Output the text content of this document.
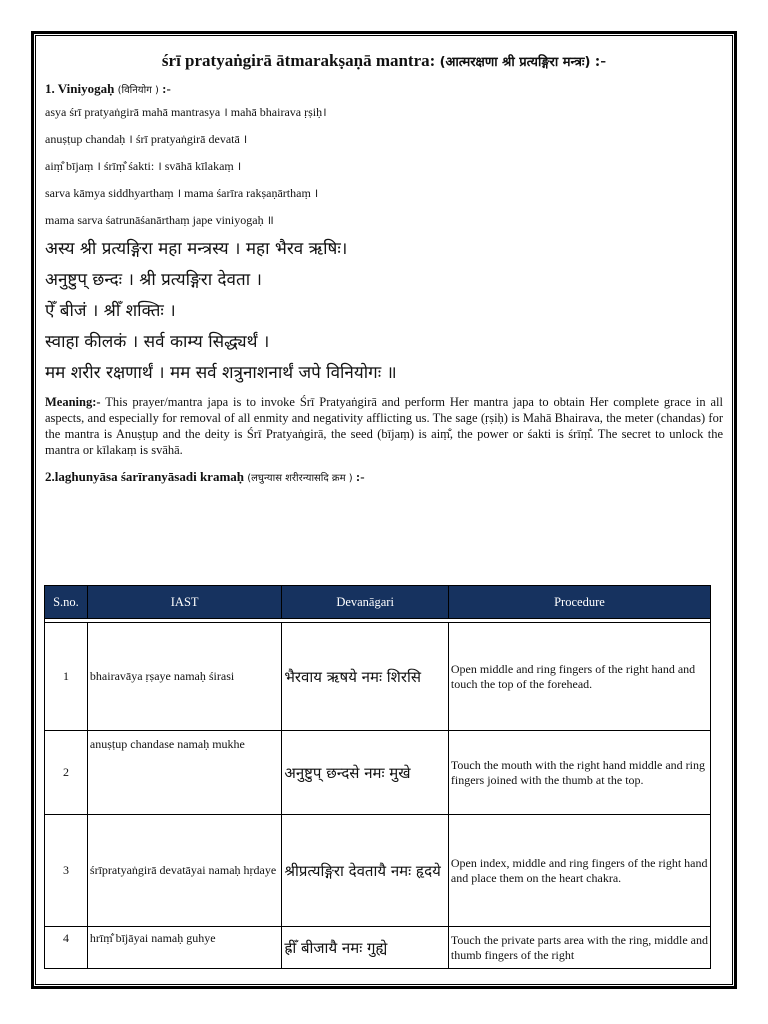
śrī pratyaṅgirā ātmarakṣaṇā mantra: (आत्मरक्षणा श्री प्रत्यङ्गिरा मन्त्रः) :-
1. Viniyogaḥ (विनियोग ) :-
asya śrī pratyaṅgirā mahā mantrasya । mahā bhairava ṛṣiḥ।
anuṣṭup chandaḥ । śrī pratyaṅgirā devatā ।
aiṃ̐ bījaṃ । śrīṃ̐ śakti: । svāhā kīlakaṃ ।
sarva kāmya siddhyarthaṃ । mama śarīra rakṣaṇārthaṃ ।
mama sarva śatrunāśanārthaṃ jape viniyogaḥ ॥
अस्य श्री प्रत्यङ्गिरा महा मन्त्रस्य । महा भैरव ऋषिः।
अनुष्टुप् छन्दः । श्री प्रत्यङ्गिरा देवता ।
ऐँ बीजं । श्रीँ शक्तिः ।
स्वाहा कीलकं । सर्व काम्य सिद्ध्यर्थं ।
मम शरीर रक्षणार्थं । मम सर्व शत्रुनाशनार्थं जपे विनियोगः ॥
Meaning:- This prayer/mantra japa is to invoke Śrī Pratyaṅgirā and perform Her mantra japa to obtain Her complete grace in all aspects, and especially for removal of all enmity and negativity afflicting us. The sage (ṛṣiḥ) is Mahā Bhairava, the meter (chandas) for the mantra is Anuṣṭup and the deity is Śrī Pratyaṅgirā, the seed (bījaṃ) is aiṃ̐, the power or śakti is śrīṃ̐. The secret to unlock the mantra or kīlakaṃ is svāhā.
2.laghunyāsa śarīranyāsadi kramaḥ (लघुन्यास शरीरन्यासदि क्रम ) :-
S.no.	IAST	Devanāgari	Procedure

1	bhairavāya ṛṣaye namaḥ śirasi	भैरवाय ऋषये नमः शिरसि	Open middle and ring fingers of the right hand and touch the top of the forehead.
2	anuṣṭup chandase namaḥ mukhe	अनुष्टुप् छन्दसे नमः मुखे	Touch the mouth with the right hand middle and ring fingers joined with the thumb at the top.
3	śrīpratyaṅgirā devatāyai namaḥ hṛdaye	श्रीप्रत्यङ्गिरा देवतायै नमः हृदये	Open index, middle and ring fingers of the right hand and place them on the heart chakra.
4	hrīṃ̐ bījāyai namaḥ guhye	ह्रीँ बीजायै नमः गुह्ये	Touch the private parts area with the ring, middle and thumb fingers of the right
